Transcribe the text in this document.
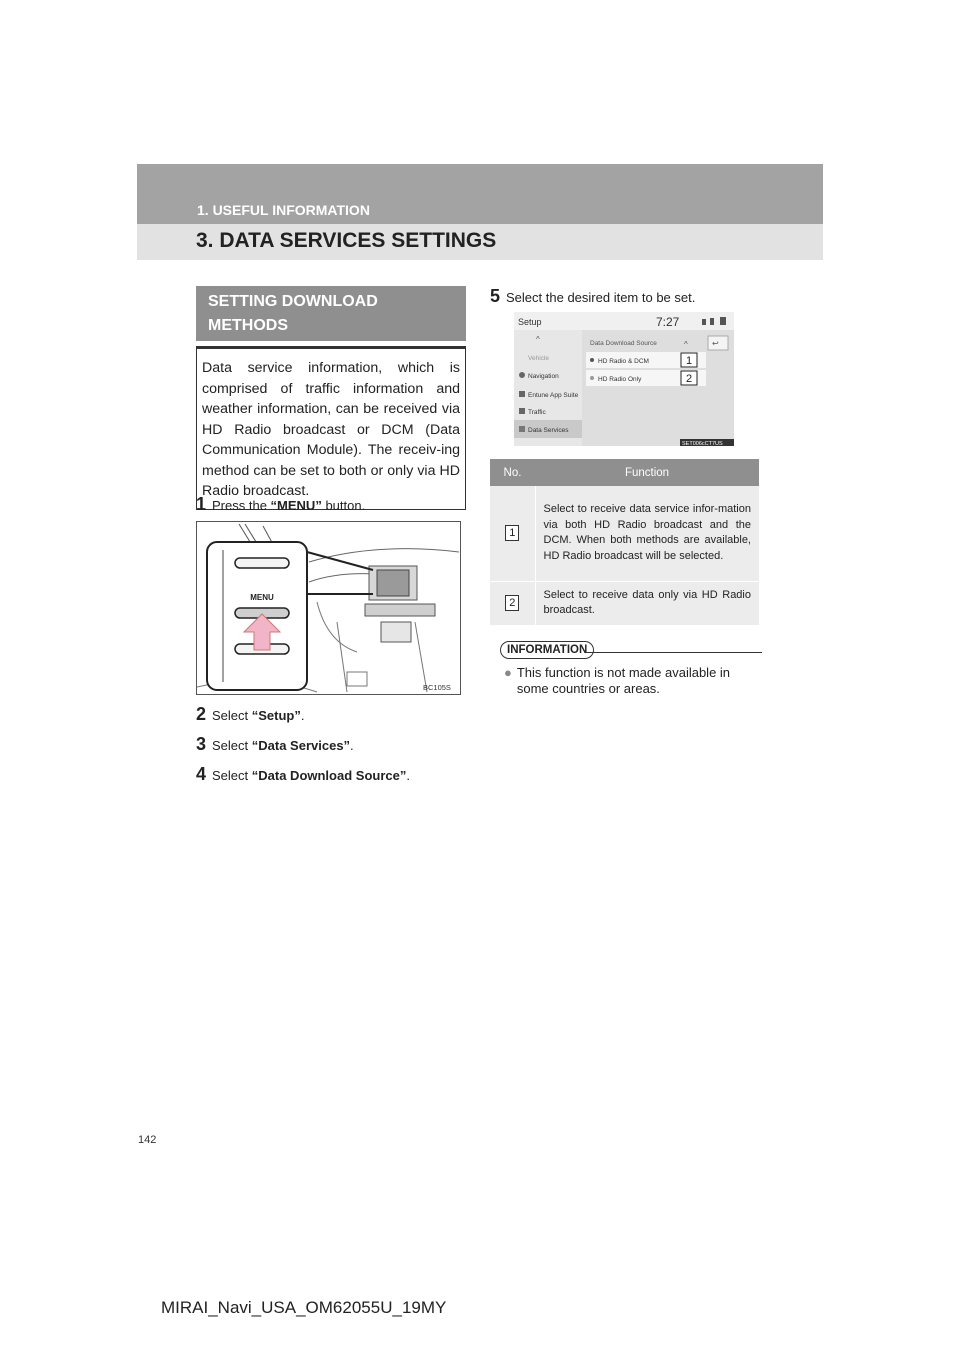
1. USEFUL INFORMATION
3. DATA SERVICES SETTINGS
SETTING DOWNLOAD
METHODS
Data service information, which is comprised of traffic information and weather information, can be received via HD Radio broadcast or DCM (Data Communication Module). The receiv-ing method can be set to both or only via HD Radio broadcast.
1 Press the “MENU” button.
MENU
BC105S
2 Select “Setup”.
3 Select “Data Services”.
4 Select “Data Download Source”.
5 Select the desired item to be set.
Setup	7:27
^
Vehicle
Navigation
Entune App Suite
Traffic
Data Services
Data Download Source	^	↩
HD Radio & DCM
HD Radio Only
1
2
SET006cCT7US
No.	Function
1	Select to receive data service infor-mation via both HD Radio broadcast and the DCM. When both methods are available, HD Radio broadcast will be selected.
2	Select to receive data only via HD Radio broadcast.
INFORMATION
● This function is not made available in some countries or areas.
142
MIRAI_Navi_USA_OM62055U_19MY
